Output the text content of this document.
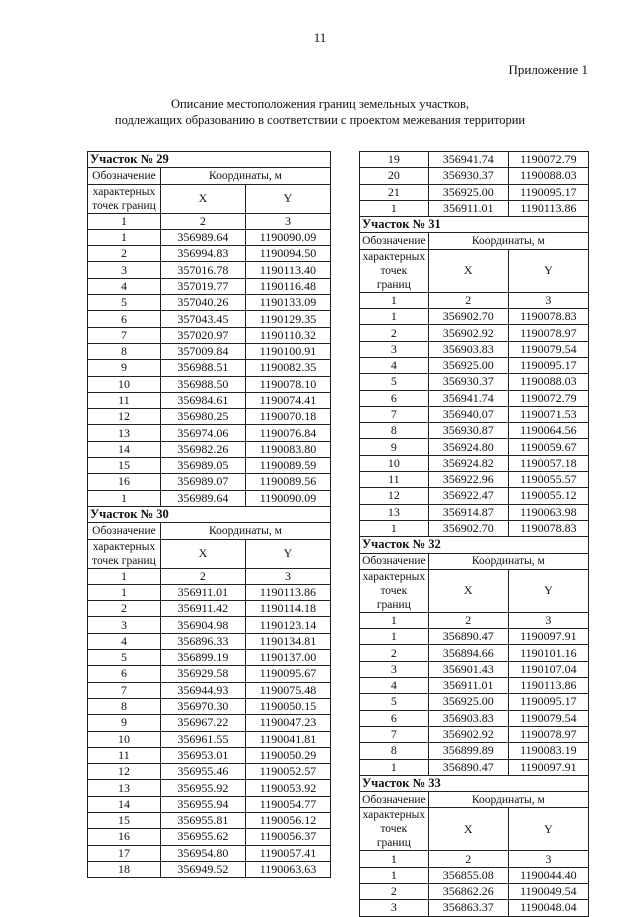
11
Приложение 1
Описание местоположения границ земельных участков,
подлежащих образованию в соответствии с проектом межевания территории
Участок № 29		
Обозначение	Координаты, м	
характерных точек границ	X	Y
1	2	3
1	356989.64	1190090.09
2	356994.83	1190094.50
3	357016.78	1190113.40
4	357019.77	1190116.48
5	357040.26	1190133.09
6	357043.45	1190129.35
7	357020.97	1190110.32
8	357009.84	1190100.91
9	356988.51	1190082.35
10	356988.50	1190078.10
11	356984.61	1190074.41
12	356980.25	1190070.18
13	356974.06	1190076.84
14	356982.26	1190083.80
15	356989.05	1190089.59
16	356989.07	1190089.56
1	356989.64	1190090.09
Участок № 30		
Обозначение	Координаты, м	
характерных точек границ	X	Y
1	2	3
1	356911.01	1190113.86
2	356911.42	1190114.18
3	356904.98	1190123.14
4	356896.33	1190134.81
5	356899.19	1190137.00
6	356929.58	1190095.67
7	356944.93	1190075.48
8	356970.30	1190050.15
9	356967.22	1190047.23
10	356961.55	1190041.81
11	356953.01	1190050.29
12	356955.46	1190052.57
13	356955.92	1190053.92
14	356955.94	1190054.77
15	356955.81	1190056.12
16	356955.62	1190056.37
17	356954.80	1190057.41
18	356949.52	1190063.63
19	356941.74	1190072.79
20	356930.37	1190088.03
21	356925.00	1190095.17
1	356911.01	1190113.86
Участок № 31		
Обозначение	Координаты, м	
характерных точек границ	X	Y
1	2	3
1	356902.70	1190078.83
2	356902.92	1190078.97
3	356903.83	1190079.54
4	356925.00	1190095.17
5	356930.37	1190088.03
6	356941.74	1190072.79
7	356940.07	1190071.53
8	356930.87	1190064.56
9	356924.80	1190059.67
10	356924.82	1190057.18
11	356922.96	1190055.57
12	356922.47	1190055.12
13	356914.87	1190063.98
1	356902.70	1190078.83
Участок № 32		
Обозначение	Координаты, м	
характерных точек границ	X	Y
1	2	3
1	356890.47	1190097.91
2	356894.66	1190101.16
3	356901.43	1190107.04
4	356911.01	1190113.86
5	356925.00	1190095.17
6	356903.83	1190079.54
7	356902.92	1190078.97
8	356899.89	1190083.19
1	356890.47	1190097.91
Участок № 33		
Обозначение	Координаты, м	
характерных точек границ	X	Y
1	2	3
1	356855.08	1190044.40
2	356862.26	1190049.54
3	356863.37	1190048.04
